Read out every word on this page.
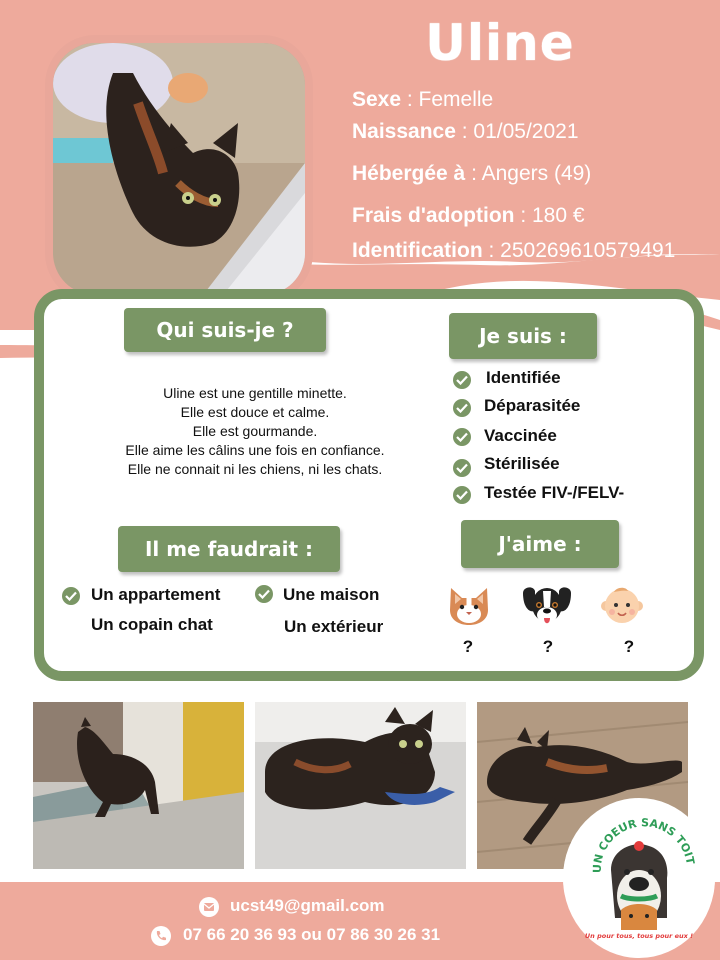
Uline
Sexe : Femelle
Naissance : 01/05/2021
Hébergée à : Angers (49)
Frais d'adoption : 180 €
Identification : 250269610579491
Qui suis-je ?
Uline est une gentille minette.
Elle est douce et calme.
Elle est gourmande.
Elle aime les câlins une fois en confiance.
Elle ne connait ni les chiens, ni les chats.
Je suis :
Identifiée
Déparasitée
Vaccinée
Stérilisée
Testée FIV-/FELV-
Il me faudrait :
Un appartement
Un copain chat
Une maison
Un extérieur
J'aime :
?	?	?
ucst49@gmail.com
07 66 20 36 93 ou 07 86 30 26 31
UN COEUR SANS TOIT
Un pour tous, tous pour eux !
